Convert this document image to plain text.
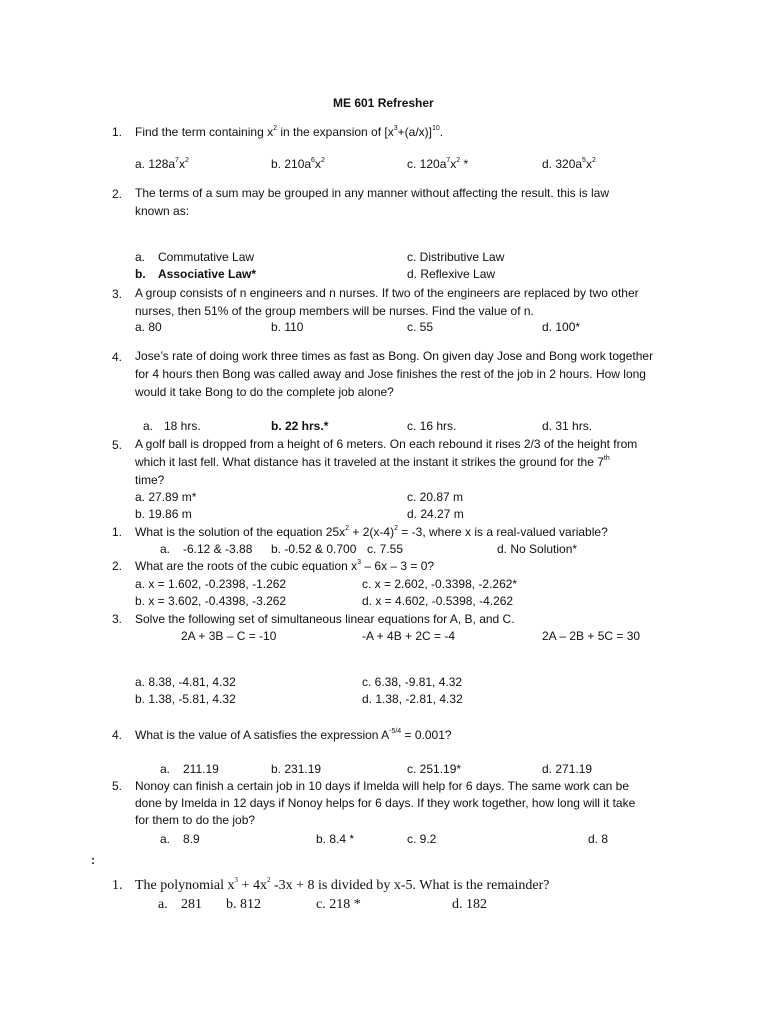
ME 601 Refresher
1. Find the term containing $x^2$ in the expansion of $[x^3+(a/x)]^{10}$.
a. $128a^7x^2$	b. $210a^6x^2$	c. $120a^7x^2$ *	d. $320a^5x^2$
2. The terms of a sum may be grouped in any manner without affecting the result. this is law
known as:
a. Commutative Law	c. Distributive Law
b. Associative Law*	d. Reflexive Law
3. A group consists of n engineers and n nurses. If two of the engineers are replaced by two other
nurses, then 51% of the group members will be nurses. Find the value of n.
a. 80	b. 110	c. 55	d. 100*
4. Jose’s rate of doing work three times as fast as Bong. On given day Jose and Bong work together
for 4 hours then Bong was called away and Jose finishes the rest of the job in 2 hours. How long
would it take Bong to do the complete job alone?
a. 18 hrs.	b. 22 hrs.*	c. 16 hrs.	d. 31 hrs.
5. A golf ball is dropped from a height of 6 meters. On each rebound it rises 2/3 of the height from
which it last fell. What distance has it traveled at the instant it strikes the ground for the 7th
time?
a. 27.89 m*	c. 20.87 m
b. 19.86 m	d. 24.27 m
1. What is the solution of the equation $25x^2 + 2(x-4)^2 = -3$, where x is a real-valued variable?
a. -6.12 & -3.88 b. -0.52 & 0.700 c. 7.55	d. No Solution*
2. What are the roots of the cubic equation $x^3 - 6x - 3 = 0$?
a. x = 1.602, -0.2398, -1.262	c. x = 2.602, -0.3398, -2.262*
b. x = 3.602, -0.4398, -3.262	d. x = 4.602, -0.5398, -4.262
3. Solve the following set of simultaneous linear equations for A, B, and C.
2A + 3B – C = -10	-A + 4B + 2C = -4	2A – 2B + 5C = 30
a. 8.38, -4.81, 4.32	c. 6.38, -9.81, 4.32
b. 1.38, -5.81, 4.32	d. 1.38, -2.81, 4.32
4. What is the value of A satisfies the expression $A^{-5/4} = 0.001$?
a. 211.19	b. 231.19	c. 251.19*	d. 271.19
5. Nonoy can finish a certain job in 10 days if Imelda will help for 6 days. The same work can be
done by Imelda in 12 days if Nonoy helps for 6 days. If they work together, how long will it take
for them to do the job?
a. 8.9	b. 8.4 *	c. 9.2	d. 8
:
1. The polynomial $x^3 + 4x^2$ -3x + 8 is divided by x-5. What is the remainder?
a. 281 b. 812	c. 218 *	d. 182
